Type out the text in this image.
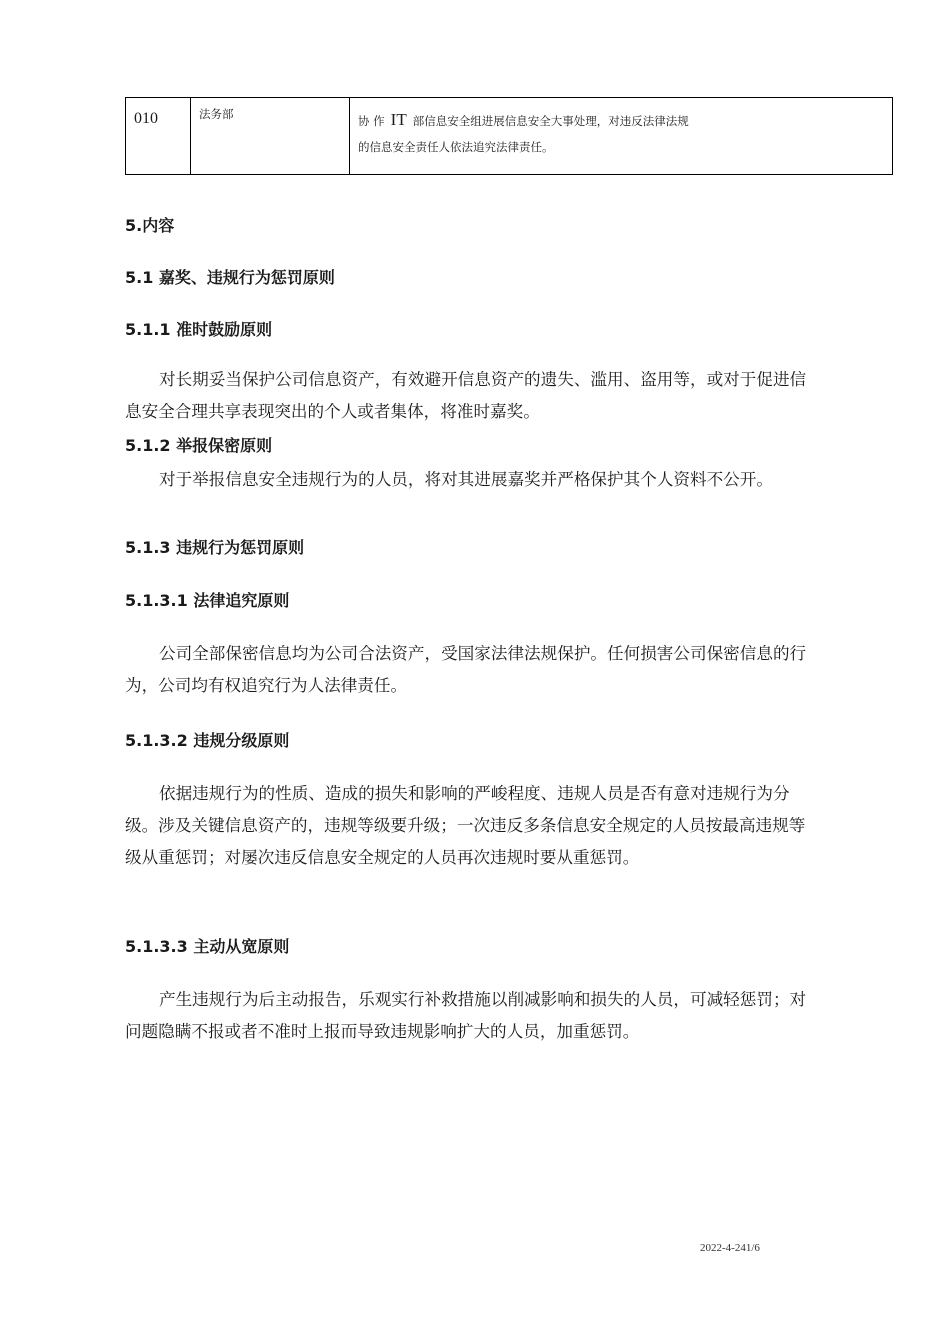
010	法务部	协 作 IT 部信息安全组进展信息安全大事处理，对违反法律法规
的信息安全责任人依法追究法律责任。
5.内容
5.1 嘉奖、违规行为惩罚原则
5.1.1 准时鼓励原则

对长期妥当保护公司信息资产，有效避开信息资产的遗失、滥用、盗用等，或对于促进信息安全合理共享表现突出的个人或者集体，将准时嘉奖。

5.1.2 举报保密原则

对于举报信息安全违规行为的人员，将对其进展嘉奖并严格保护其个人资料不公开。

5.1.3 违规行为惩罚原则
5.1.3.1 法律追究原则

公司全部保密信息均为公司合法资产，受国家法律法规保护。任何损害公司保密信息的行为，公司均有权追究行为人法律责任。

5.1.3.2 违规分级原则

依据违规行为的性质、造成的损失和影响的严峻程度、违规人员是否有意对违规行为分级。涉及关键信息资产的，违规等级要升级；一次违反多条信息安全规定的人员按最高违规等级从重惩罚；对屡次违反信息安全规定的人员再次违规时要从重惩罚。

5.1.3.3 主动从宽原则

产生违规行为后主动报告，乐观实行补救措施以削减影响和损失的人员，可减轻惩罚；对问题隐瞒不报或者不准时上报而导致违规影响扩大的人员，加重惩罚。

2022-4-241/6
